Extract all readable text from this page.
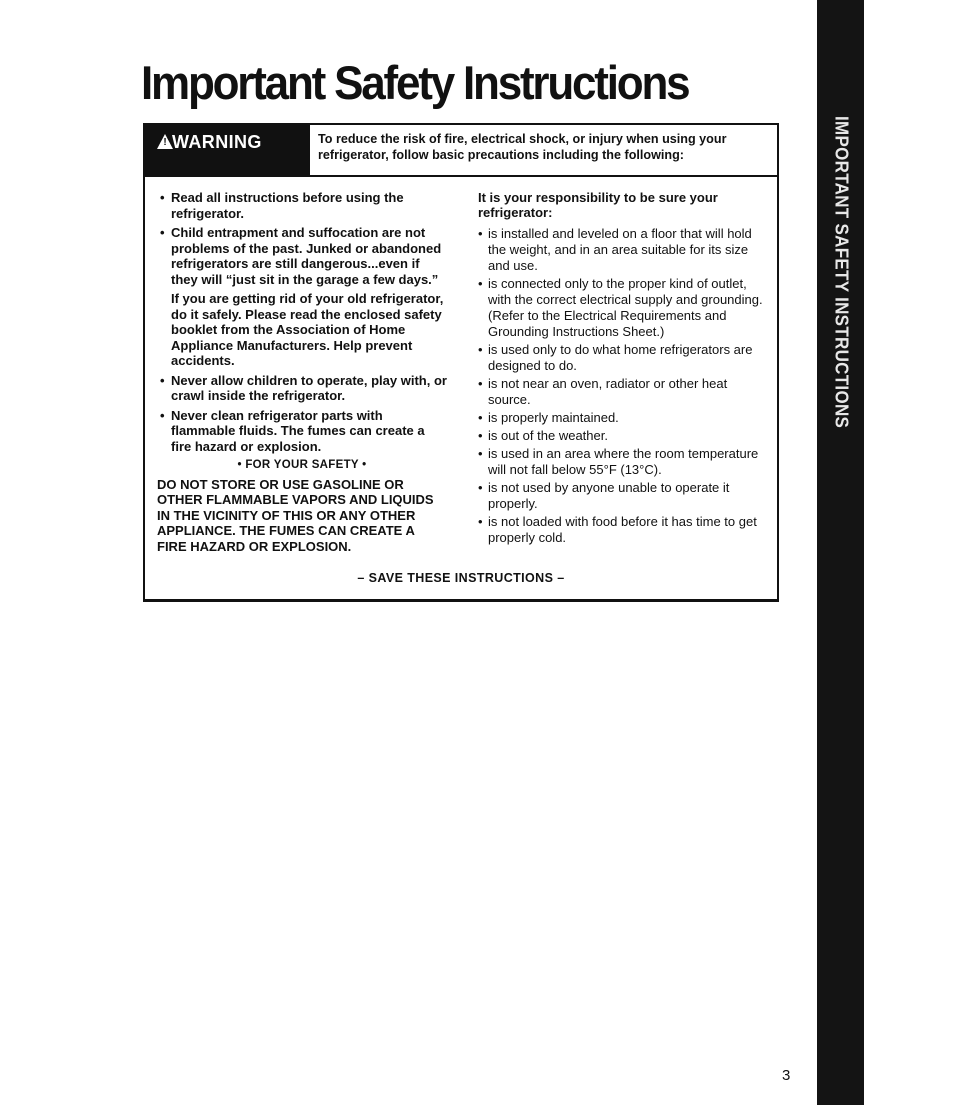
IMPORTANT SAFETY INSTRUCTIONS
Important Safety Instructions
! WARNING	To reduce the risk of fire, electrical shock, or injury when using your refrigerator, follow basic precautions including the following:
• Read all instructions before using the refrigerator.
• Child entrapment and suffocation are not problems of the past. Junked or abandoned refrigerators are still dangerous...even if they will “just sit in the garage a few days.”
If you are getting rid of your old refrigerator, do it safely. Please read the enclosed safety booklet from the Association of Home Appliance Manufacturers. Help prevent accidents.
• Never allow children to operate, play with, or crawl inside the refrigerator.
• Never clean refrigerator parts with flammable fluids. The fumes can create a fire hazard or explosion.
• FOR YOUR SAFETY •
DO NOT STORE OR USE GASOLINE OR OTHER FLAMMABLE VAPORS AND LIQUIDS IN THE VICINITY OF THIS OR ANY OTHER APPLIANCE. THE FUMES CAN CREATE A FIRE HAZARD OR EXPLOSION.
It is your responsibility to be sure your refrigerator:
• is installed and leveled on a floor that will hold the weight, and in an area suitable for its size and use.
• is connected only to the proper kind of outlet, with the correct electrical supply and grounding. (Refer to the Electrical Requirements and Grounding Instructions Sheet.)
• is used only to do what home refrigerators are designed to do.
• is not near an oven, radiator or other heat source.
• is properly maintained.
• is out of the weather.
• is used in an area where the room temperature will not fall below 55°F (13°C).
• is not used by anyone unable to operate it properly.
• is not loaded with food before it has time to get properly cold.
– SAVE THESE INSTRUCTIONS –
3
